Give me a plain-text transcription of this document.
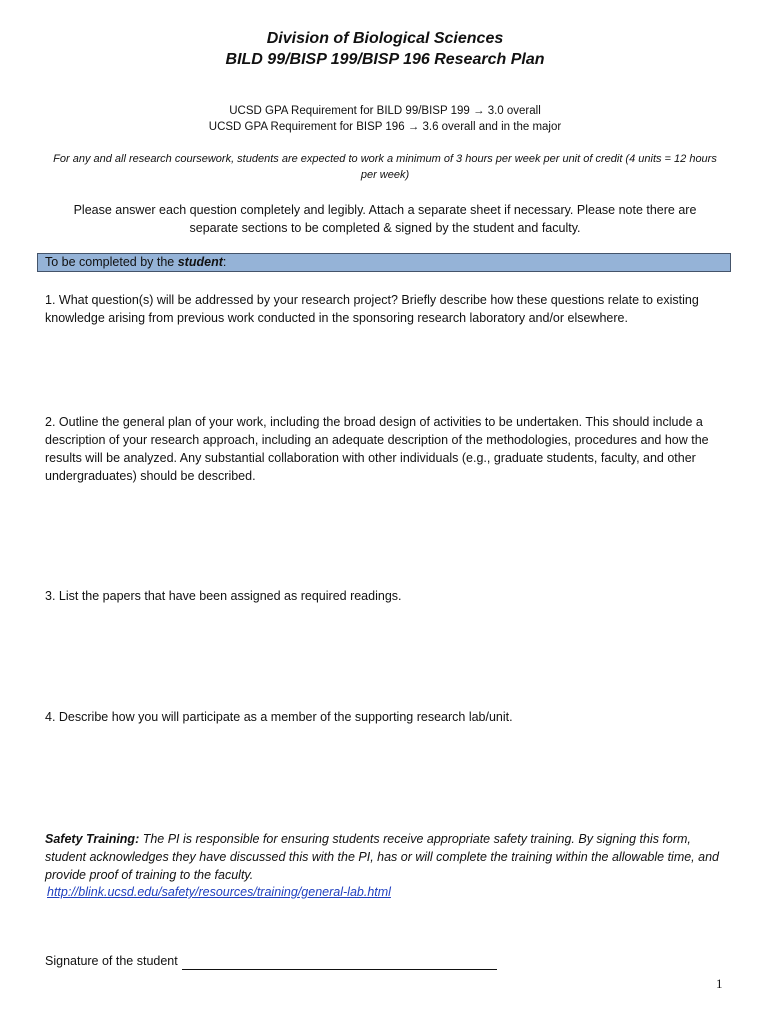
Division of Biological Sciences
BILD 99/BISP 199/BISP 196 Research Plan
UCSD GPA Requirement for BILD 99/BISP 199 → 3.0 overall
UCSD GPA Requirement for BISP 196 → 3.6 overall and in the major
For any and all research coursework, students are expected to work a minimum of 3 hours per week per unit of credit (4 units = 12 hours per week)
Please answer each question completely and legibly. Attach a separate sheet if necessary. Please note there are separate sections to be completed & signed by the student and faculty.
To be completed by the student:
1. What question(s) will be addressed by your research project? Briefly describe how these questions relate to existing knowledge arising from previous work conducted in the sponsoring research laboratory and/or elsewhere.
2. Outline the general plan of your work, including the broad design of activities to be undertaken. This should include a description of your research approach, including an adequate description of the methodologies, procedures and how the results will be analyzed. Any substantial collaboration with other individuals (e.g., graduate students, faculty, and other undergraduates) should be described.
3. List the papers that have been assigned as required readings.
4. Describe how you will participate as a member of the supporting research lab/unit.
Safety Training: The PI is responsible for ensuring students receive appropriate safety training. By signing this form, student acknowledges they have discussed this with the PI, has or will complete the training within the allowable time, and provide proof of training to the faculty.
http://blink.ucsd.edu/safety/resources/training/general-lab.html
Signature of the student
1
